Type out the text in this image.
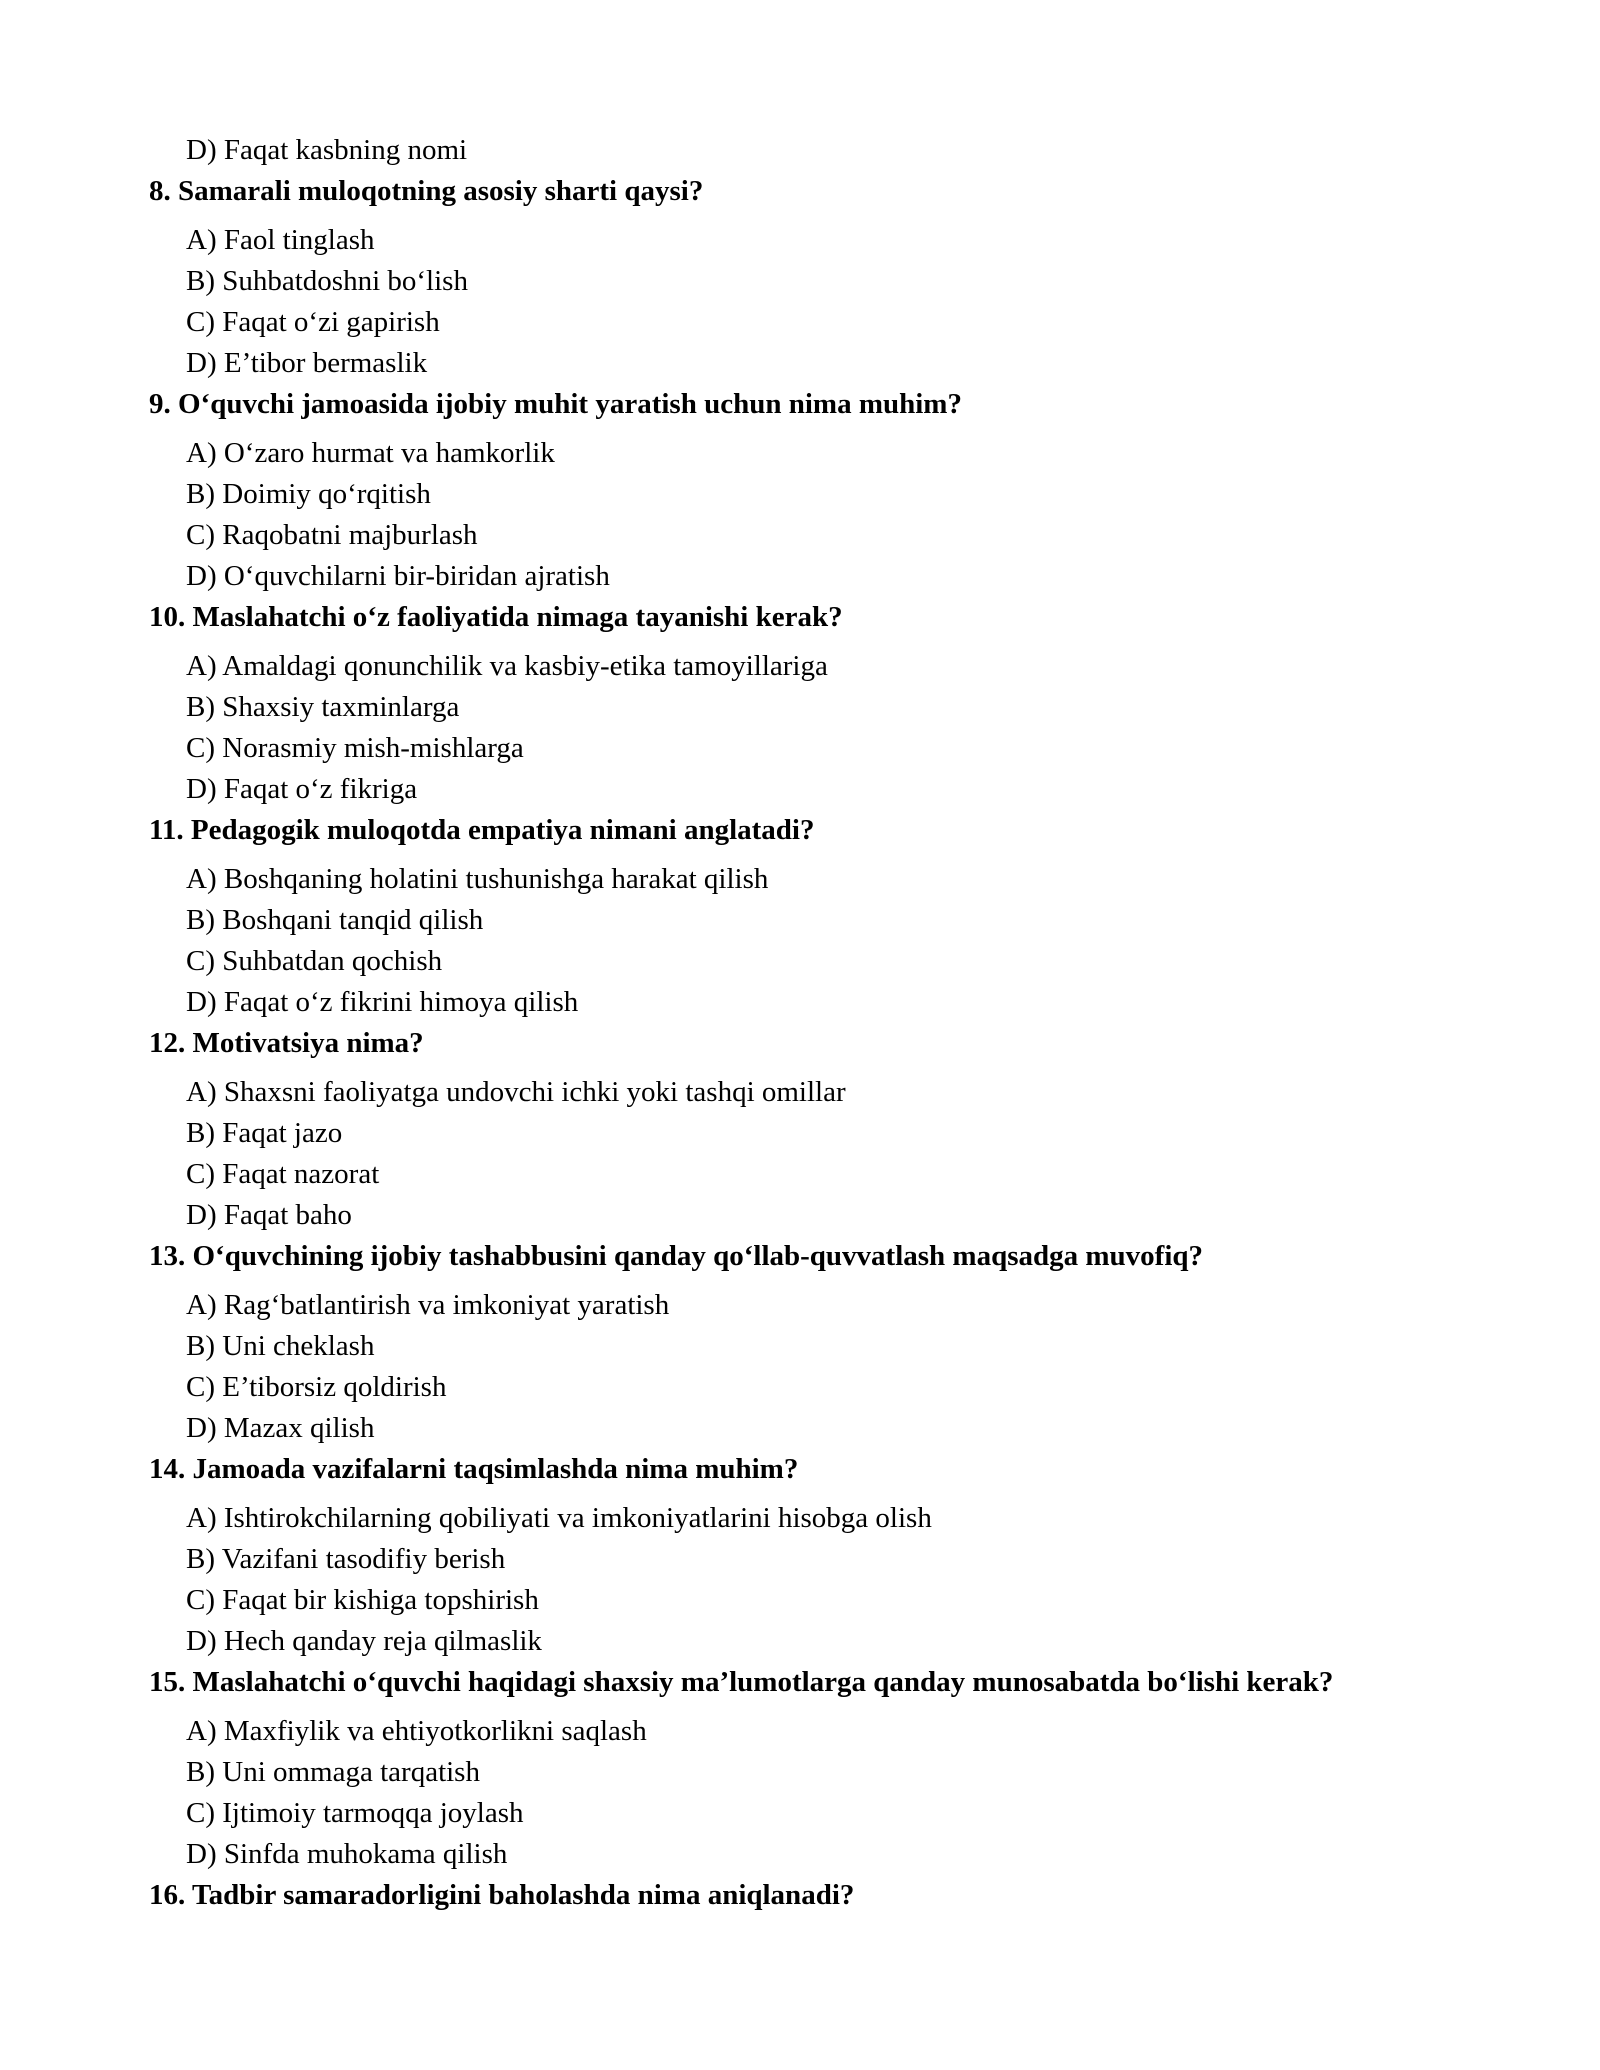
D) Faqat kasbning nomi
8. Samarali muloqotning asosiy sharti qaysi?
A) Faol tinglash
B) Suhbatdoshni bo‘lish
C) Faqat o‘zi gapirish
D) E’tibor bermaslik
9. O‘quvchi jamoasida ijobiy muhit yaratish uchun nima muhim?
A) O‘zaro hurmat va hamkorlik
B) Doimiy qo‘rqitish
C) Raqobatni majburlash
D) O‘quvchilarni bir-biridan ajratish
10. Maslahatchi o‘z faoliyatida nimaga tayanishi kerak?
A) Amaldagi qonunchilik va kasbiy-etika tamoyillariga
B) Shaxsiy taxminlarga
C) Norasmiy mish-mishlarga
D) Faqat o‘z fikriga
11. Pedagogik muloqotda empatiya nimani anglatadi?
A) Boshqaning holatini tushunishga harakat qilish
B) Boshqani tanqid qilish
C) Suhbatdan qochish
D) Faqat o‘z fikrini himoya qilish
12. Motivatsiya nima?
A) Shaxsni faoliyatga undovchi ichki yoki tashqi omillar
B) Faqat jazo
C) Faqat nazorat
D) Faqat baho
13. O‘quvchining ijobiy tashabbusini qanday qo‘llab-quvvatlash maqsadga muvofiq?
A) Rag‘batlantirish va imkoniyat yaratish
B) Uni cheklash
C) E’tiborsiz qoldirish
D) Mazax qilish
14. Jamoada vazifalarni taqsimlashda nima muhim?
A) Ishtirokchilarning qobiliyati va imkoniyatlarini hisobga olish
B) Vazifani tasodifiy berish
C) Faqat bir kishiga topshirish
D) Hech qanday reja qilmaslik
15. Maslahatchi o‘quvchi haqidagi shaxsiy ma’lumotlarga qanday munosabatda bo‘lishi kerak?
A) Maxfiylik va ehtiyotkorlikni saqlash
B) Uni ommaga tarqatish
C) Ijtimoiy tarmoqqa joylash
D) Sinfda muhokama qilish
16. Tadbir samaradorligini baholashda nima aniqlanadi?
